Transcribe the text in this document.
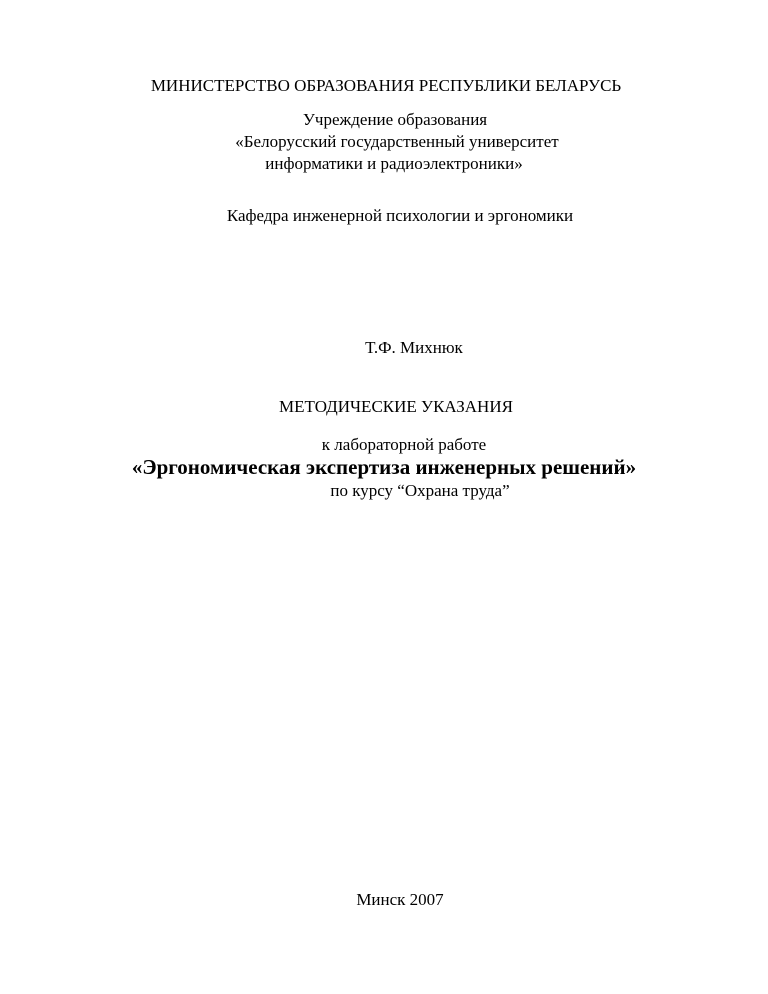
МИНИСТЕРСТВО ОБРАЗОВАНИЯ РЕСПУБЛИКИ БЕЛАРУСЬ
Учреждение образования
«Белорусский государственный университет
информатики и радиоэлектроники»
Кафедра инженерной психологии и эргономики
Т.Ф. Михнюк
МЕТОДИЧЕСКИЕ УКАЗАНИЯ
к лабораторной работе
«Эргономическая экспертиза инженерных решений»
по курсу “Охрана труда”
Минск 2007
